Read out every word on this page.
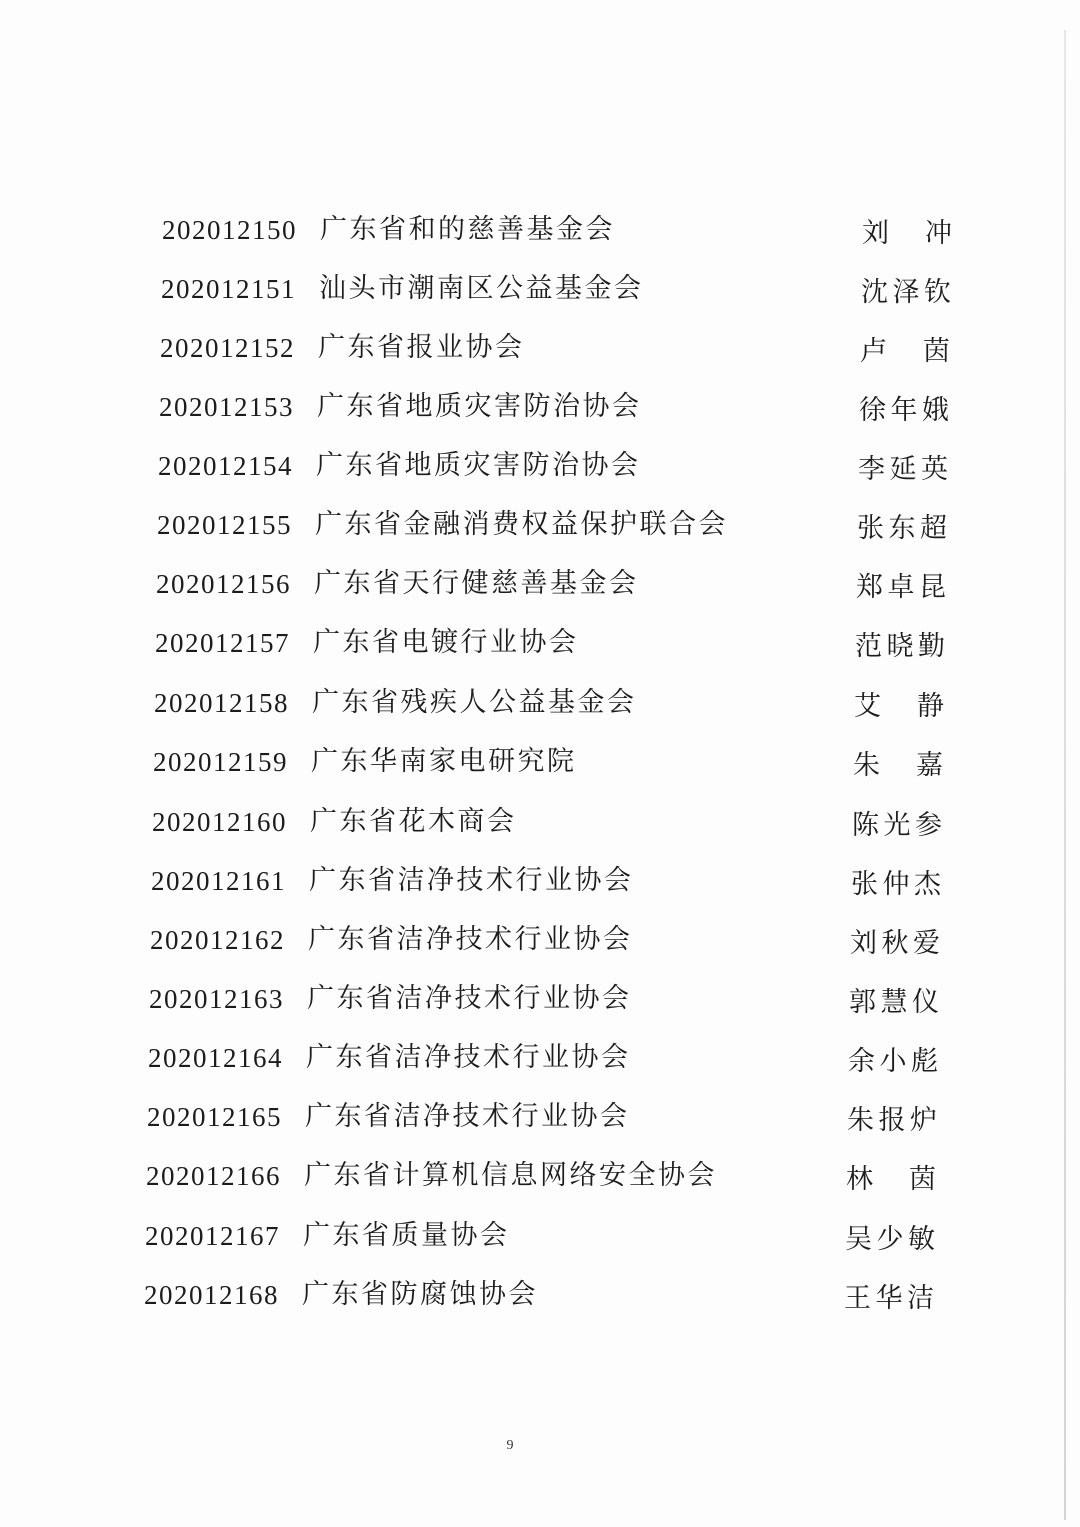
202012150 广东省和的慈善基金会	刘 冲
202012151 汕头市潮南区公益基金会	沈泽钦
202012152 广东省报业协会	卢 茵
202012153 广东省地质灾害防治协会	徐年娥
202012154 广东省地质灾害防治协会	李延英
202012155 广东省金融消费权益保护联合会	张东超
202012156 广东省天行健慈善基金会	郑卓昆
202012157 广东省电镀行业协会	范晓勤
202012158 广东省残疾人公益基金会	艾 静
202012159 广东华南家电研究院	朱 嘉
202012160 广东省花木商会	陈光参
202012161 广东省洁净技术行业协会	张仲杰
202012162 广东省洁净技术行业协会	刘秋爱
202012163 广东省洁净技术行业协会	郭慧仪
202012164 广东省洁净技术行业协会	余小彪
202012165 广东省洁净技术行业协会	朱报炉
202012166 广东省计算机信息网络安全协会	林 茵
202012167 广东省质量协会	吴少敏
202012168 广东省防腐蚀协会	王华洁
9
